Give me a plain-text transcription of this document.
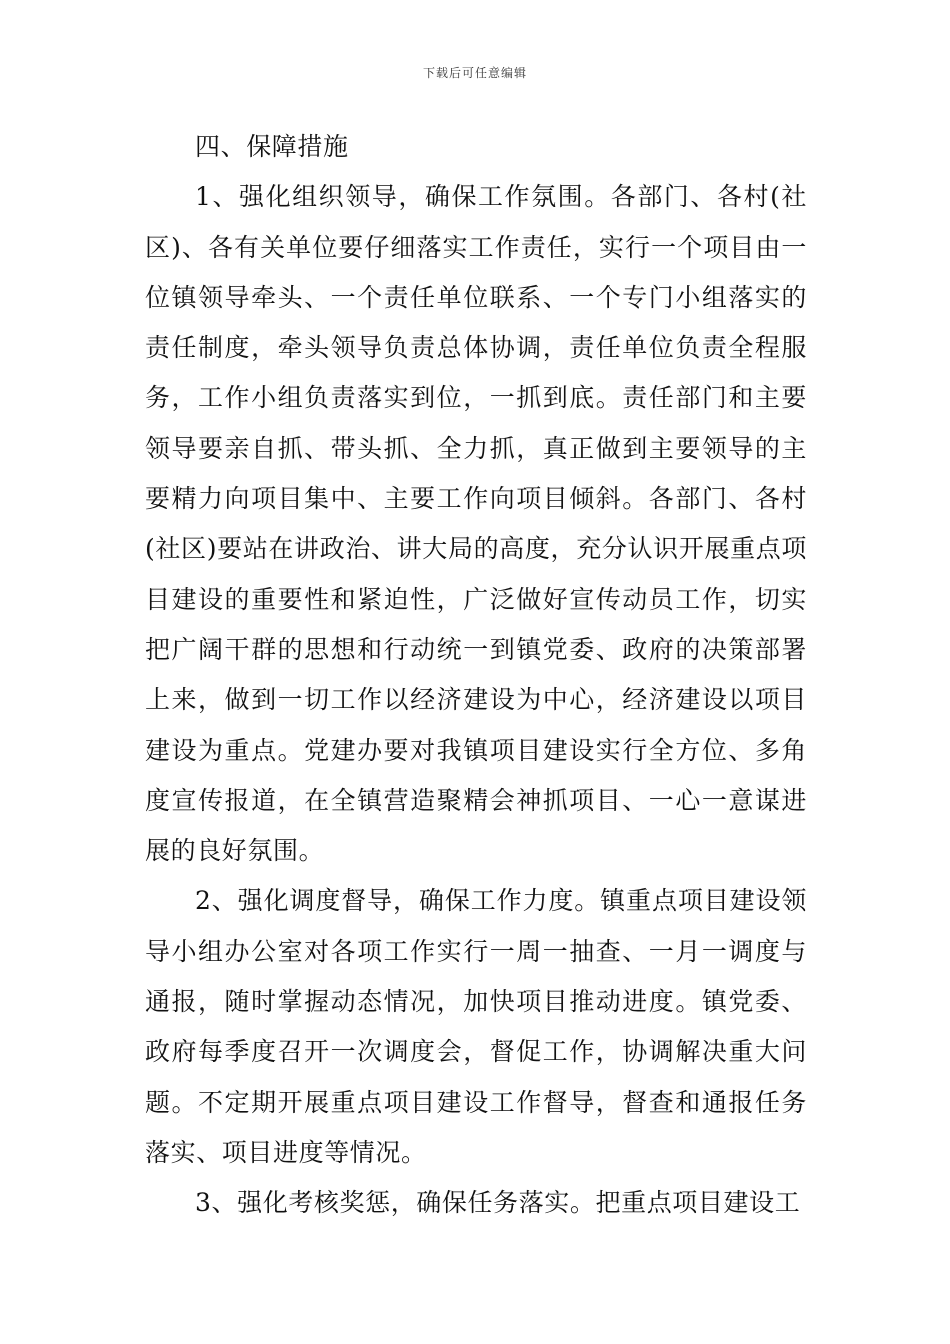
下载后可任意编辑

四、保障措施

1、强化组织领导，确保工作氛围。各部门、各村(社区)、各有关单位要仔细落实工作责任，实行一个项目由一位镇领导牵头、一个责任单位联系、一个专门小组落实的责任制度，牵头领导负责总体协调，责任单位负责全程服务，工作小组负责落实到位，一抓到底。责任部门和主要领导要亲自抓、带头抓、全力抓，真正做到主要领导的主要精力向项目集中、主要工作向项目倾斜。各部门、各村(社区)要站在讲政治、讲大局的高度，充分认识开展重点项目建设的重要性和紧迫性，广泛做好宣传动员工作，切实把广阔干群的思想和行动统一到镇党委、政府的决策部署上来，做到一切工作以经济建设为中心，经济建设以项目建设为重点。党建办要对我镇项目建设实行全方位、多角度宣传报道，在全镇营造聚精会神抓项目、一心一意谋进展的良好氛围。

2、强化调度督导，确保工作力度。镇重点项目建设领导小组办公室对各项工作实行一周一抽查、一月一调度与通报，随时掌握动态情况，加快项目推动进度。镇党委、政府每季度召开一次调度会，督促工作，协调解决重大问题。不定期开展重点项目建设工作督导，督查和通报任务落实、项目进度等情况。

3、强化考核奖惩，确保任务落实。把重点项目建设工
